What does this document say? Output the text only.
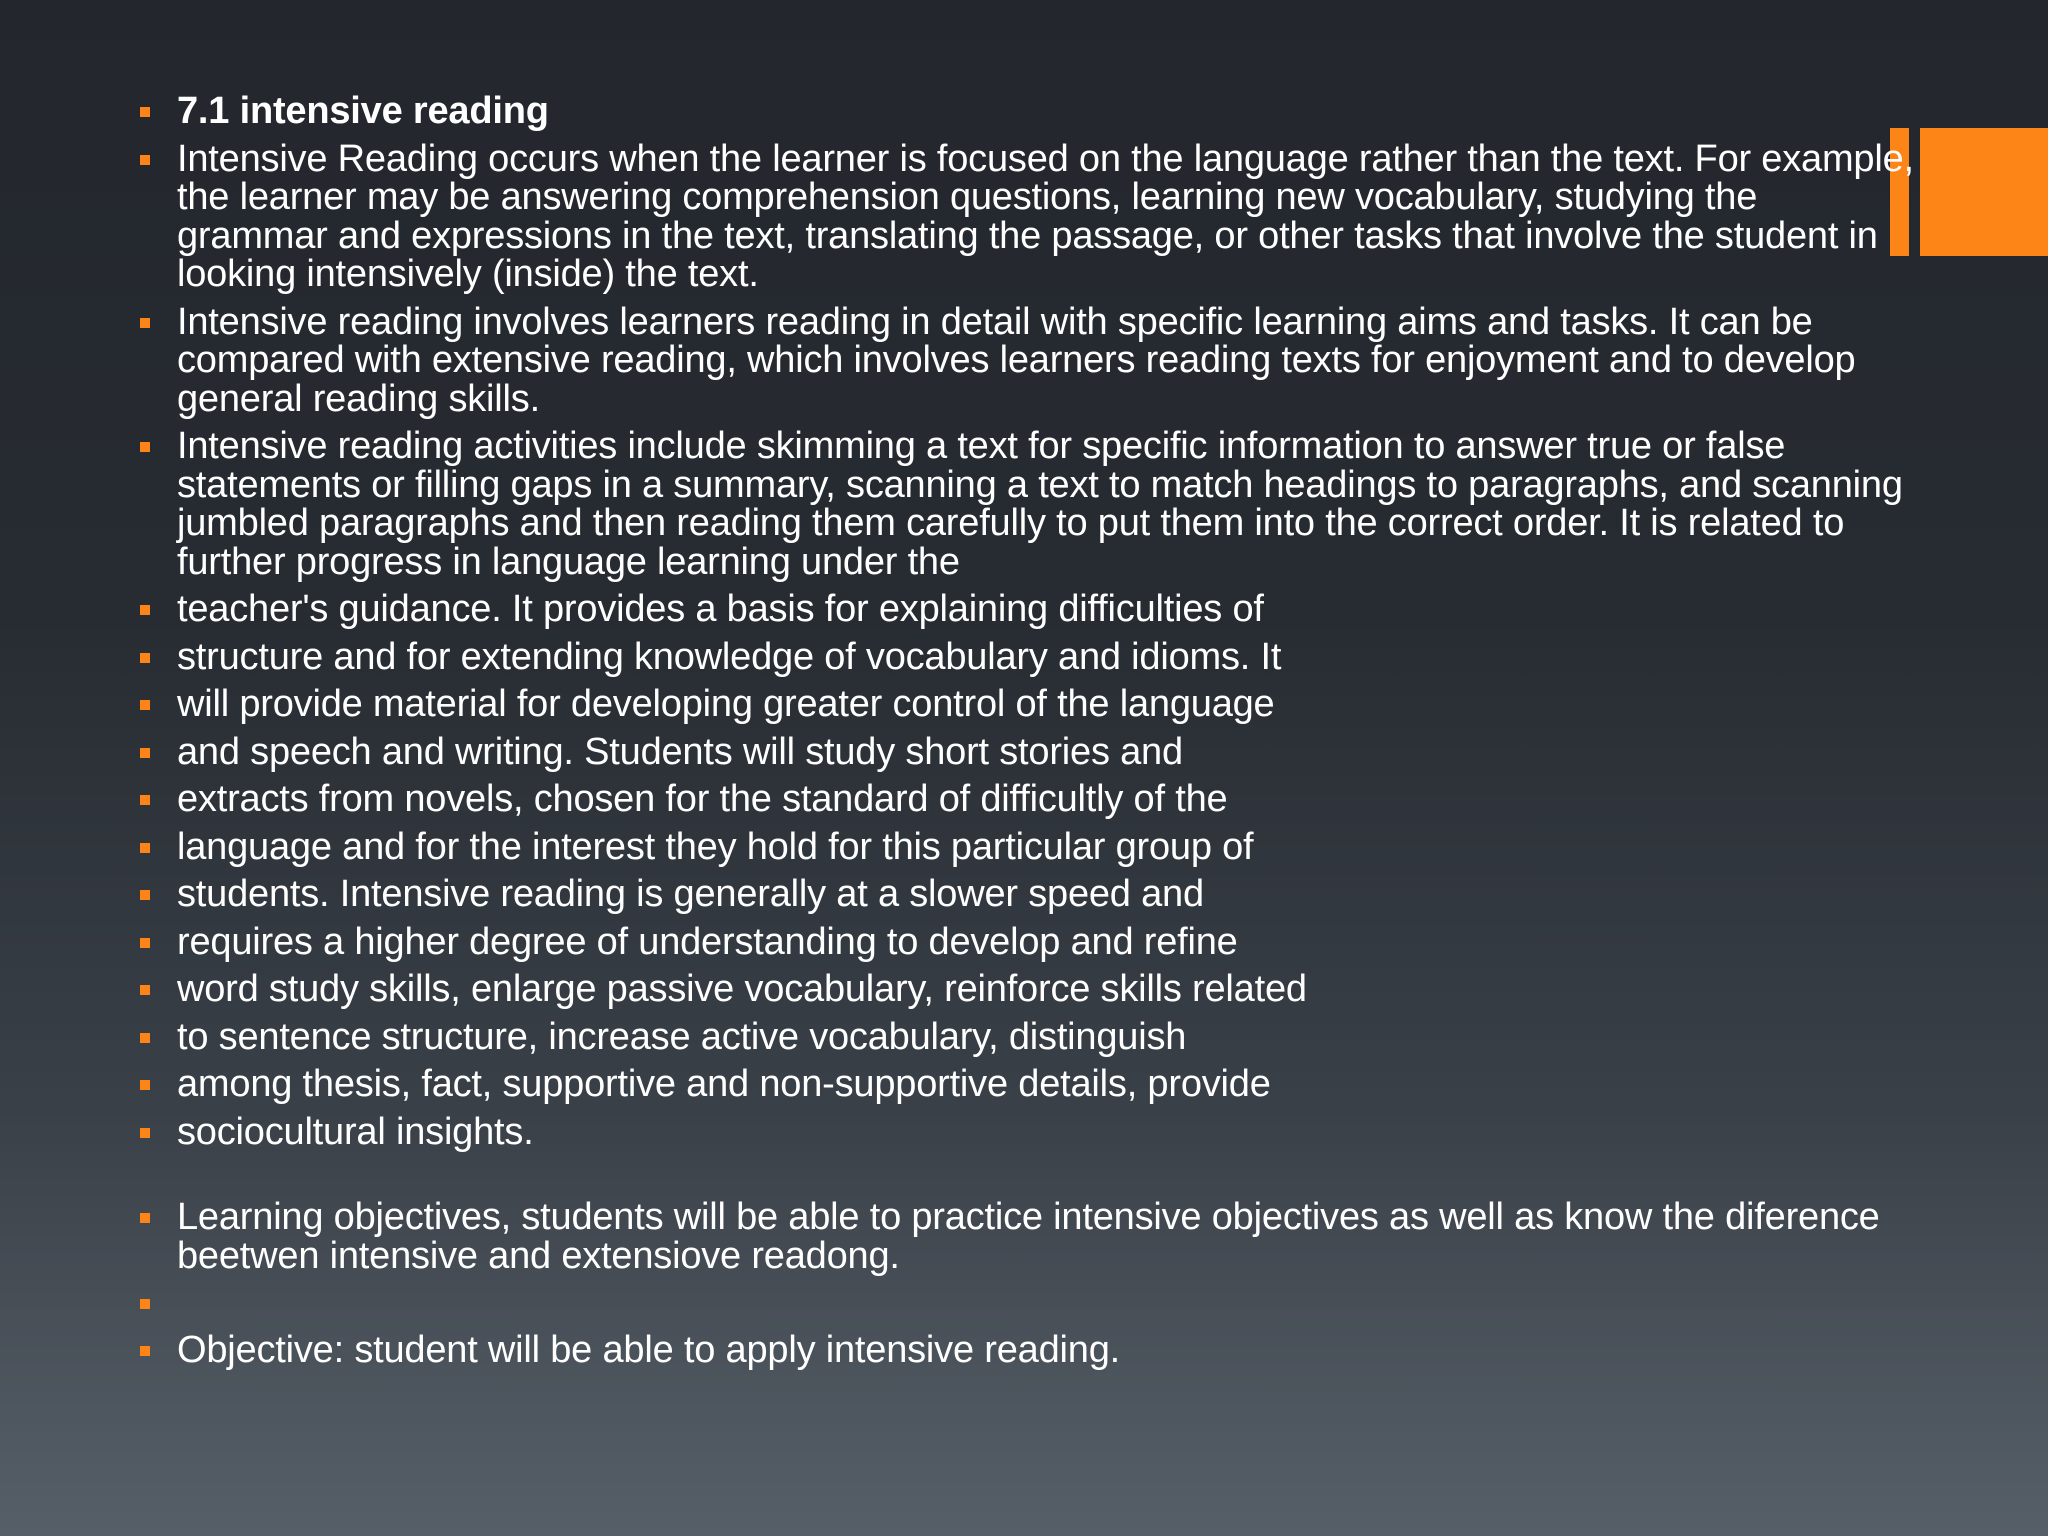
7.1 intensive reading
Intensive Reading occurs when the learner is focused on the language rather than the text. For example, the learner may be answering comprehension questions, learning new vocabulary, studying the grammar and expressions in the text, translating the passage, or other tasks that involve the student in looking intensively (inside) the text.
Intensive reading involves learners reading in detail with specific learning aims and tasks. It can be compared with extensive reading, which involves learners reading texts for enjoyment and to develop general reading skills.
Intensive reading activities include skimming a text for specific information to answer true or false statements or filling gaps in a summary, scanning a text to match headings to paragraphs, and scanning jumbled paragraphs and then reading them carefully to put them into the correct order. It is related to further progress in language learning under the
teacher's guidance. It provides a basis for explaining difficulties of
structure and for extending knowledge of vocabulary and idioms. It
will provide material for developing greater control of the language
and speech and writing. Students will study short stories and
extracts from novels, chosen for the standard of difficultly of the
language and for the interest they hold for this particular group of
students. Intensive reading is generally at a slower speed and
requires a higher degree of understanding to develop and refine
word study skills, enlarge passive vocabulary, reinforce skills related
to sentence structure, increase active vocabulary, distinguish
among thesis, fact, supportive and non-supportive details, provide
sociocultural insights.
Learning objectives, students will be able to practice intensive objectives as well as know the diference beetwen intensive and extensiove readong.
Objective: student will be able to apply intensive reading.
